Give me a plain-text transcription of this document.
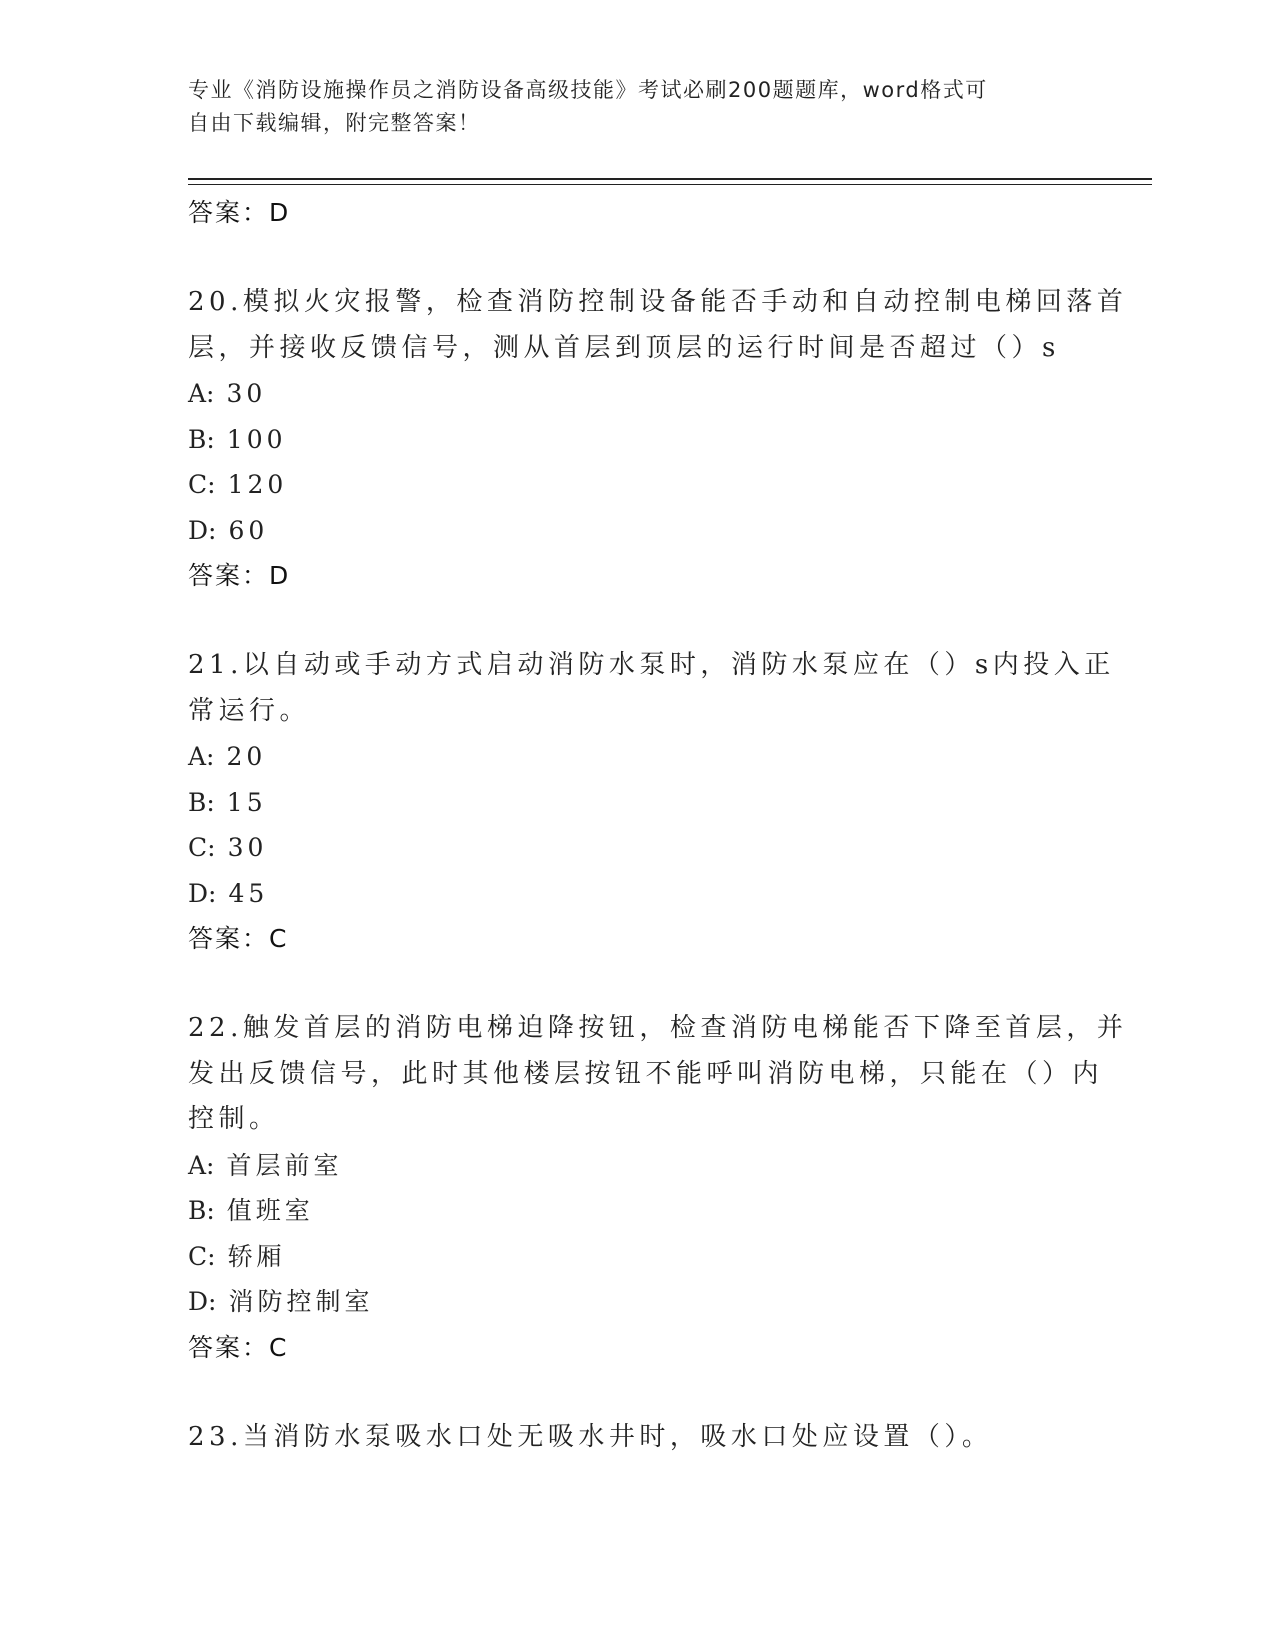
专业《消防设施操作员之消防设备高级技能》考试必刷200题题库，word格式可
自由下载编辑，附完整答案！
答案：D
20.模拟火灾报警，检查消防控制设备能否手动和自动控制电梯回落首
层，并接收反馈信号，测从首层到顶层的运行时间是否超过（）s
A: 30
B: 100
C: 120
D: 60
答案：D
21.以自动或手动方式启动消防水泵时，消防水泵应在（）s内投入正
常运行。
A: 20
B: 15
C: 30
D: 45
答案：C
22.触发首层的消防电梯迫降按钮，检查消防电梯能否下降至首层，并
发出反馈信号，此时其他楼层按钮不能呼叫消防电梯，只能在（）内
控制。
A: 首层前室
B: 值班室
C: 轿厢
D: 消防控制室
答案：C
23.当消防水泵吸水口处无吸水井时，吸水口处应设置（）。
